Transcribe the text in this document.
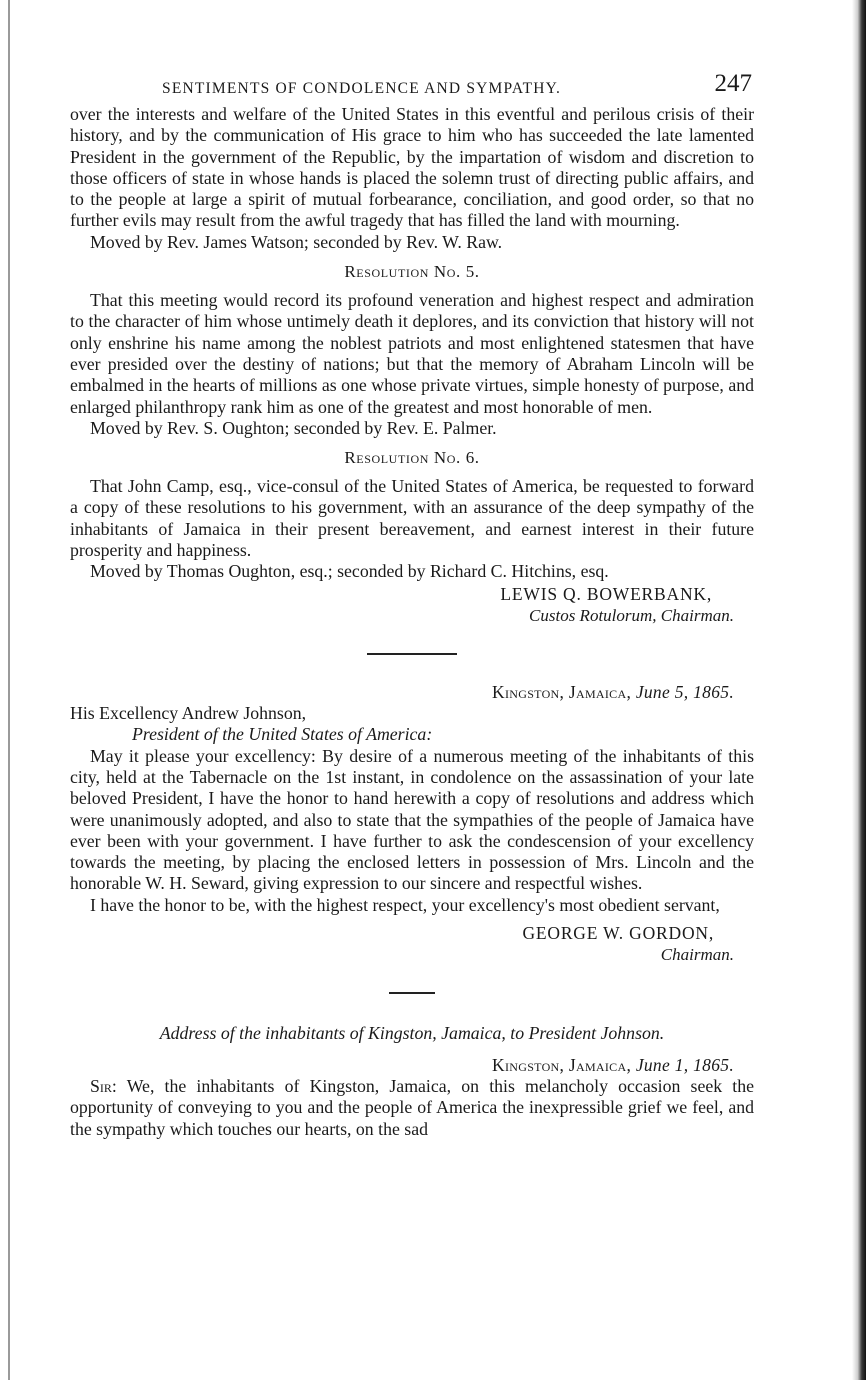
SENTIMENTS OF CONDOLENCE AND SYMPATHY.	247

over the interests and welfare of the United States in this eventful and perilous crisis of their history, and by the communication of His grace to him who has succeeded the late lamented President in the government of the Republic, by the impartation of wisdom and discretion to those officers of state in whose hands is placed the solemn trust of directing public affairs, and to the people at large a spirit of mutual forbearance, conciliation, and good order, so that no further evils may result from the awful tragedy that has filled the land with mourning.

Moved by Rev. James Watson; seconded by Rev. W. Raw.

Resolution No. 5.

That this meeting would record its profound veneration and highest respect and admiration to the character of him whose untimely death it deplores, and its conviction that history will not only enshrine his name among the noblest patriots and most enlightened statesmen that have ever presided over the destiny of nations; but that the memory of Abraham Lincoln will be embalmed in the hearts of millions as one whose private virtues, simple honesty of purpose, and enlarged philanthropy rank him as one of the greatest and most honorable of men.

Moved by Rev. S. Oughton; seconded by Rev. E. Palmer.

Resolution No. 6.

That John Camp, esq., vice-consul of the United States of America, be requested to forward a copy of these resolutions to his government, with an assurance of the deep sympathy of the inhabitants of Jamaica in their present bereavement, and earnest interest in their future prosperity and happiness.

Moved by Thomas Oughton, esq.; seconded by Richard C. Hitchins, esq.

LEWIS Q. BOWERBANK,
Custos Rotulorum, Chairman.
Kingston, Jamaica, June 5, 1865.
His Excellency Andrew Johnson,
President of the United States of America:

May it please your excellency: By desire of a numerous meeting of the inhabitants of this city, held at the Tabernacle on the 1st instant, in condolence on the assassination of your late beloved President, I have the honor to hand herewith a copy of resolutions and address which were unanimously adopted, and also to state that the sympathies of the people of Jamaica have ever been with your government. I have further to ask the condescension of your excellency towards the meeting, by placing the enclosed letters in possession of Mrs. Lincoln and the honorable W. H. Seward, giving expression to our sincere and respectful wishes.

I have the honor to be, with the highest respect, your excellency's most obedient servant,

GEORGE W. GORDON,
Chairman.
Address of the inhabitants of Kingston, Jamaica, to President Johnson.
Kingston, Jamaica, June 1, 1865.

Sir: We, the inhabitants of Kingston, Jamaica, on this melancholy occasion seek the opportunity of conveying to you and the people of America the inexpressible grief we feel, and the sympathy which touches our hearts, on the sad
